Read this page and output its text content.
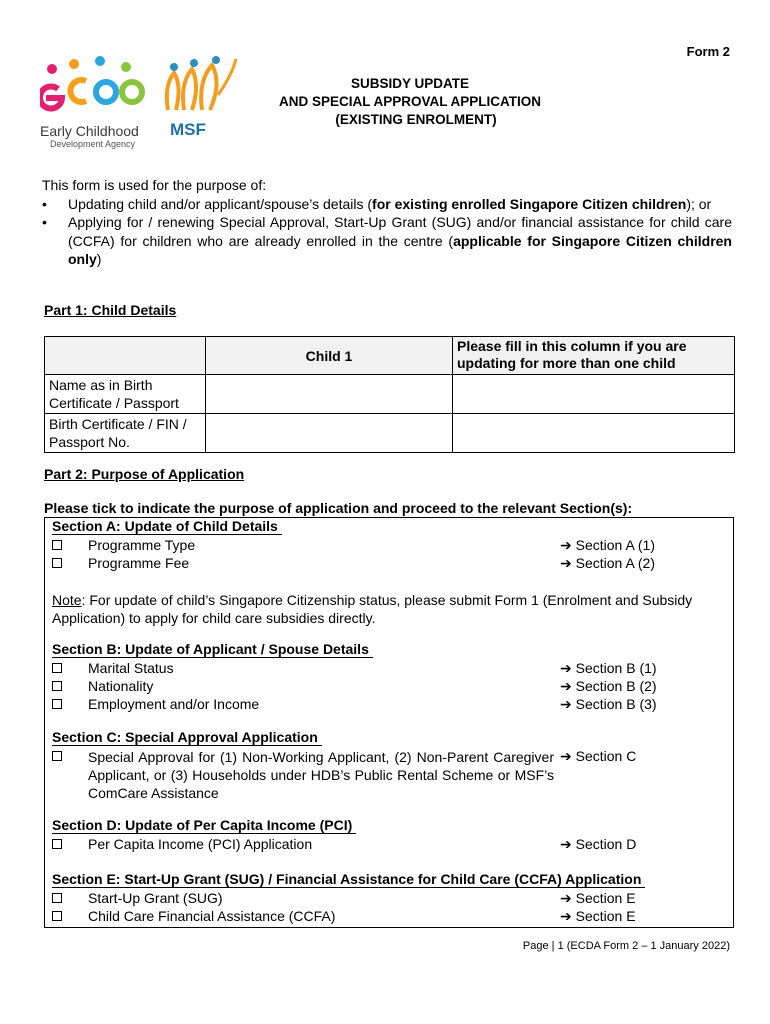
Form 2
Early Childhood
Development Agency
MSF
SUBSIDY UPDATE
AND SPECIAL APPROVAL APPLICATION
(EXISTING ENROLMENT)
This form is used for the purpose of:
• Updating child and/or applicant/spouse’s details (for existing enrolled Singapore Citizen children); or
• Applying for / renewing Special Approval, Start-Up Grant (SUG) and/or financial assistance for child care (CCFA) for children who are already enrolled in the centre (applicable for Singapore Citizen children only)
Part 1: Child Details
	Child 1	Please fill in this column if you are updating for more than one child
Name as in Birth Certificate / Passport		
Birth Certificate / FIN / Passport No.		
Part 2: Purpose of Application
Please tick to indicate the purpose of application and proceed to the relevant Section(s):
Section A: Update of Child Details
Programme Type	➔ Section A (1)
Programme Fee	➔ Section A (2)
Note: For update of child’s Singapore Citizenship status, please submit Form 1 (Enrolment and Subsidy Application) to apply for child care subsidies directly.
Section B: Update of Applicant / Spouse Details
Marital Status	➔ Section B (1)
Nationality	➔ Section B (2)
Employment and/or Income	➔ Section B (3)
Section C: Special Approval Application
Special Approval for (1) Non-Working Applicant, (2) Non-Parent Caregiver Applicant, or (3) Households under HDB’s Public Rental Scheme or MSF’s ComCare Assistance
➔ Section C
Section D: Update of Per Capita Income (PCI)
Per Capita Income (PCI) Application	➔ Section D
Section E: Start-Up Grant (SUG) / Financial Assistance for Child Care (CCFA) Application
Start-Up Grant (SUG)	➔ Section E
Child Care Financial Assistance (CCFA)	➔ Section E
Page | 1 (ECDA Form 2 – 1 January 2022)
